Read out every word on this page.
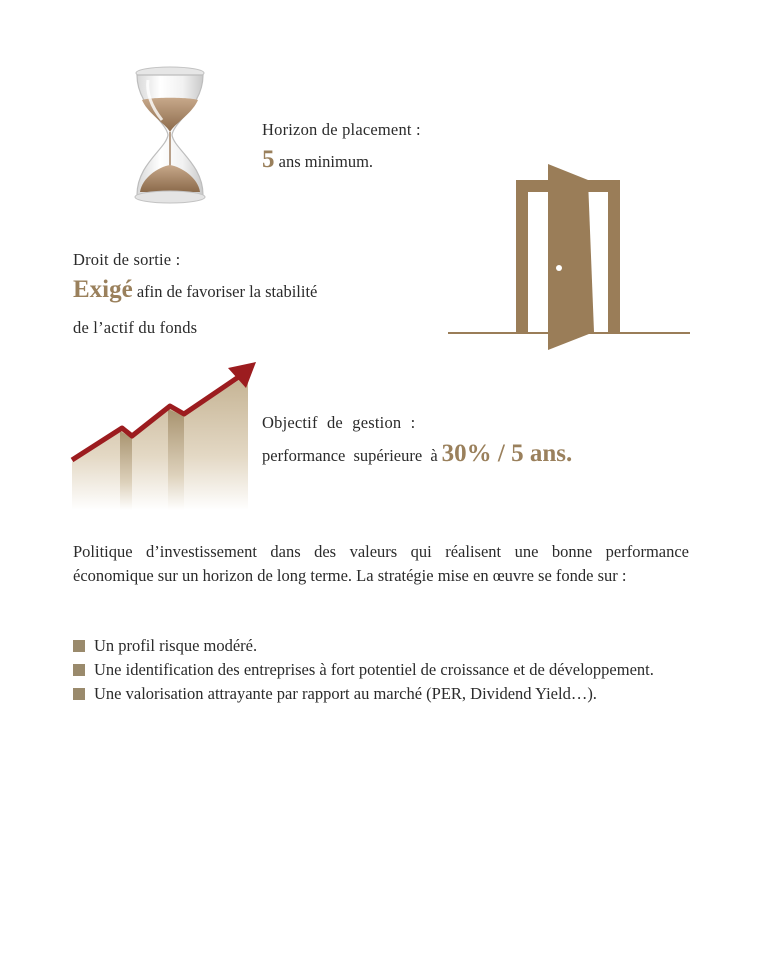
Horizon de placement :
5 ans minimum.
Droit de sortie :
Exigé afin de favoriser la stabilité
de l’actif du fonds
Objectif de gestion :
performance supérieure à 30% / 5 ans.
Politique d’investissement dans des valeurs qui réalisent une bonne performance économique sur un horizon de long terme. La stratégie mise en œuvre se fonde sur :
Un profil risque modéré.
Une identification des entreprises à fort potentiel de croissance et de développement.
Une valorisation attrayante par rapport au marché (PER, Dividend Yield…).
